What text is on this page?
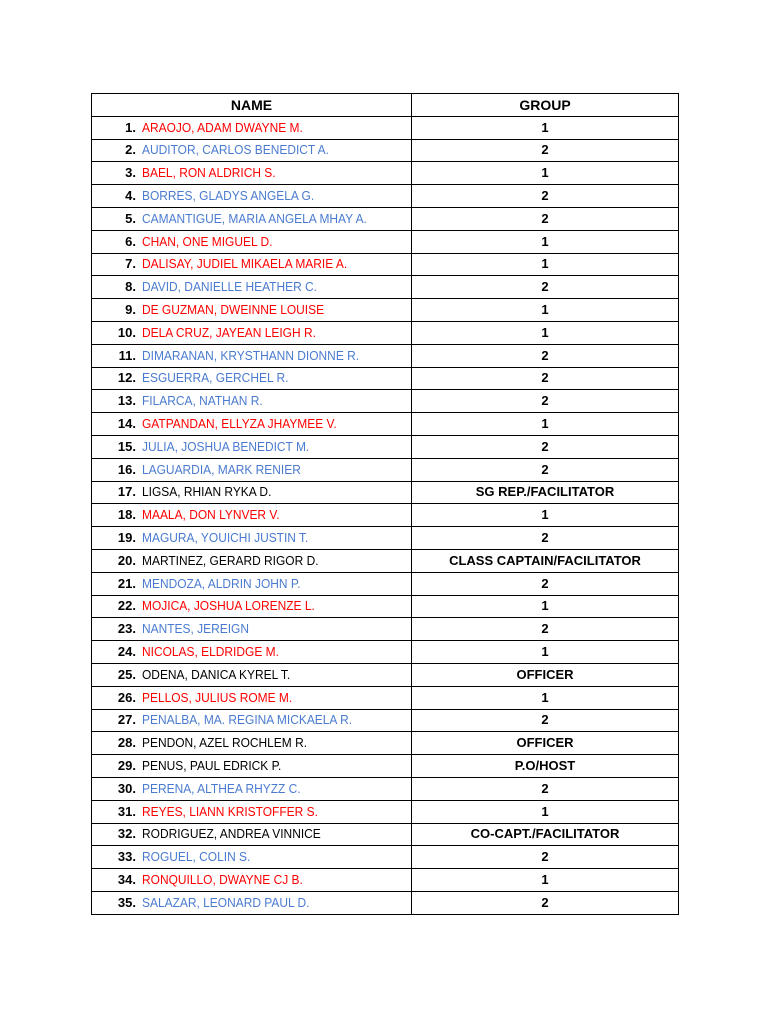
NAME	GROUP
1. ARAOJO, ADAM DWAYNE M.	1
2. AUDITOR, CARLOS BENEDICT A.	2
3. BAEL, RON ALDRICH S.	1
4. BORRES, GLADYS ANGELA G.	2
5. CAMANTIGUE, MARIA ANGELA MHAY A.	2
6. CHAN, ONE MIGUEL D.	1
7. DALISAY, JUDIEL MIKAELA MARIE A.	1
8. DAVID, DANIELLE HEATHER C.	2
9. DE GUZMAN, DWEINNE LOUISE	1
10. DELA CRUZ, JAYEAN LEIGH R.	1
11. DIMARANAN, KRYSTHANN DIONNE R.	2
12. ESGUERRA, GERCHEL R.	2
13. FILARCA, NATHAN R.	2
14. GATPANDAN, ELLYZA JHAYMEE V.	1
15. JULIA, JOSHUA BENEDICT M.	2
16. LAGUARDIA, MARK RENIER	2
17. LIGSA, RHIAN RYKA D.	SG REP./FACILITATOR
18. MAALA, DON LYNVER V.	1
19. MAGURA, YOUICHI JUSTIN T.	2
20. MARTINEZ, GERARD RIGOR D.	CLASS CAPTAIN/FACILITATOR
21. MENDOZA, ALDRIN JOHN P.	2
22. MOJICA, JOSHUA LORENZE L.	1
23. NANTES, JEREIGN	2
24. NICOLAS, ELDRIDGE M.	1
25. ODENA, DANICA KYREL T.	OFFICER
26. PELLOS, JULIUS ROME M.	1
27. PENALBA, MA. REGINA MICKAELA R.	2
28. PENDON, AZEL ROCHLEM R.	OFFICER
29. PENUS, PAUL EDRICK P.	P.O/HOST
30. PERENA, ALTHEA RHYZZ C.	2
31. REYES, LIANN KRISTOFFER S.	1
32. RODRIGUEZ, ANDREA VINNICE	CO-CAPT./FACILITATOR
33. ROGUEL, COLIN S.	2
34. RONQUILLO, DWAYNE CJ B.	1
35. SALAZAR, LEONARD PAUL D.	2
